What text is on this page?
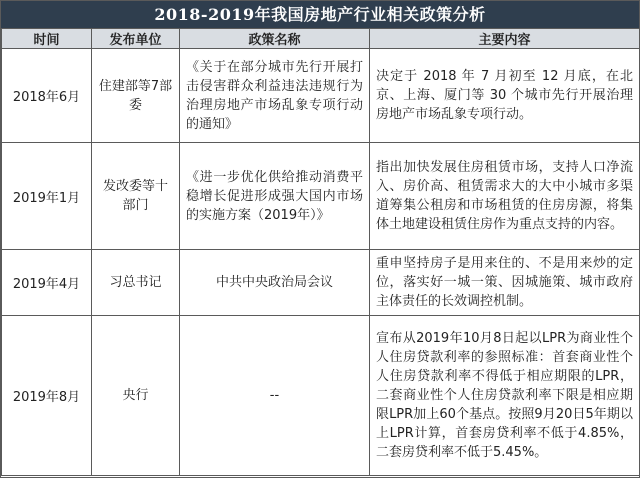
2018-2019年我国房地产行业相关政策分析
时间	发布单位	政策名称	主要内容
2018年6月	住建部等7部委	《关于在部分城市先行开展打击侵害群众利益违法违规行为治理房地产市场乱象专项行动的通知》	决定于 2018 年 7 月初至 12 月底，在北京、上海、厦门等 30 个城市先行开展治理房地产市场乱象专项行动。

2019年1月	发改委等十部门	《进一步优化供给推动消费平稳增长促进形成强大国内市场的实施方案（2019年）》	指出加快发展住房租赁市场，支持人口净流入、房价高、租赁需求大的大中小城市多渠道筹集公租房和市场租赁的住房房源，将集体土地建设租赁住房作为重点支持的内容。

2019年4月	习总书记	中共中央政治局会议	重申坚持房子是用来住的、不是用来炒的定位，落实好一城一策、因城施策、城市政府主体责任的长效调控机制。

2019年8月	央行	--	宣布从2019年10月8日起以LPR为商业性个人住房贷款利率的参照标准：首套商业性个人住房贷款利率不得低于相应期限的LPR，二套商业性个人住房贷款利率下限是相应期限LPR加上60个基点。按照9月20日5年期以上LPR计算，首套房贷利率不低于4.85%，二套房贷利率不低于5.45%。
